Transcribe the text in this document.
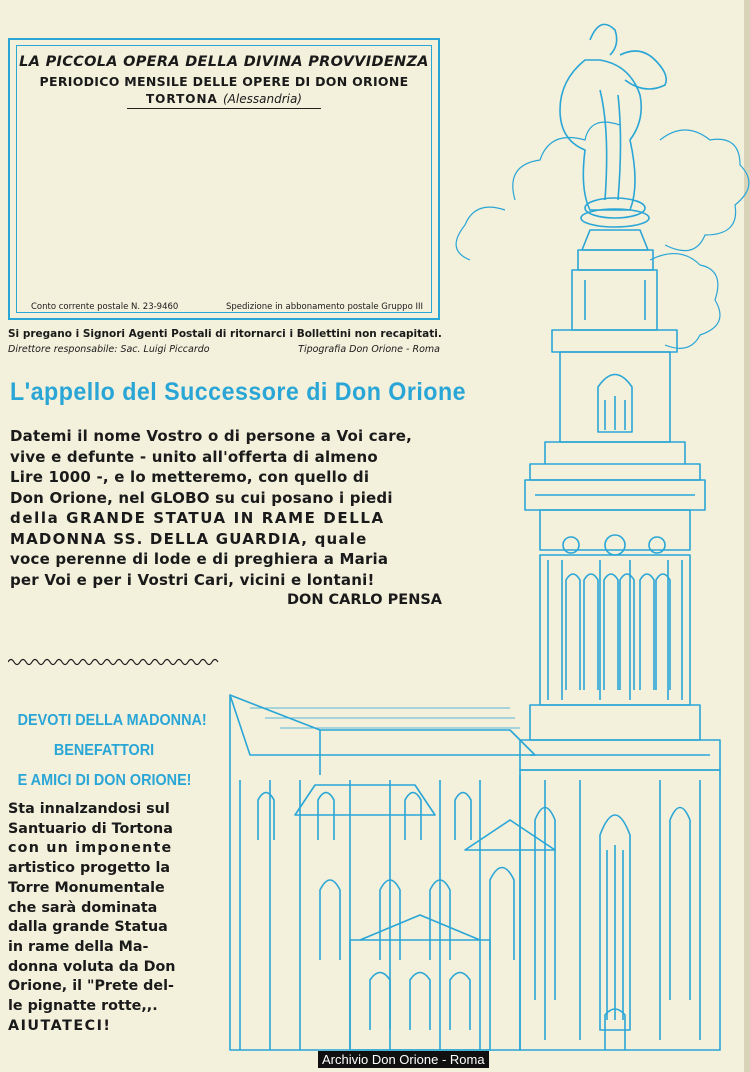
LA PICCOLA OPERA DELLA DIVINA PROVVIDENZA
PERIODICO MENSILE DELLE OPERE DI DON ORIONE
TORTONA (Alessandria)
Conto corrente postale N. 23-9460	Spedizione in abbonamento postale Gruppo III
Si pregano i Signori Agenti Postali di ritornarci i Bollettini non recapitati.
Direttore responsabile: Sac. Luigi Piccardo	Tipografia Don Orione - Roma
L'appello del Successore di Don Orione
Datemi il nome Vostro o di persone a Voi care,
vive e defunte - unito all'offerta di almeno
Lire 1000 -, e lo metteremo, con quello di
Don Orione, nel GLOBO su cui posano i piedi
della GRANDE STATUA IN RAME DELLA
MADONNA SS. DELLA GUARDIA, quale
voce perenne di lode e di preghiera a Maria
per Voi e per i Vostri Cari, vicini e lontani!
DON CARLO PENSA
DEVOTI DELLA MADONNA!
BENEFATTORI
E AMICI DI DON ORIONE!
Sta innalzandosi sul
Santuario di Tortona
con un imponente
artistico progetto la
Torre Monumentale
che sarà dominata
dalla grande Statua
in rame della Ma-
donna voluta da Don
Orione, il "Prete del-
le pignatte rotte,,.
AIUTATECI!
Archivio Don Orione - Roma
